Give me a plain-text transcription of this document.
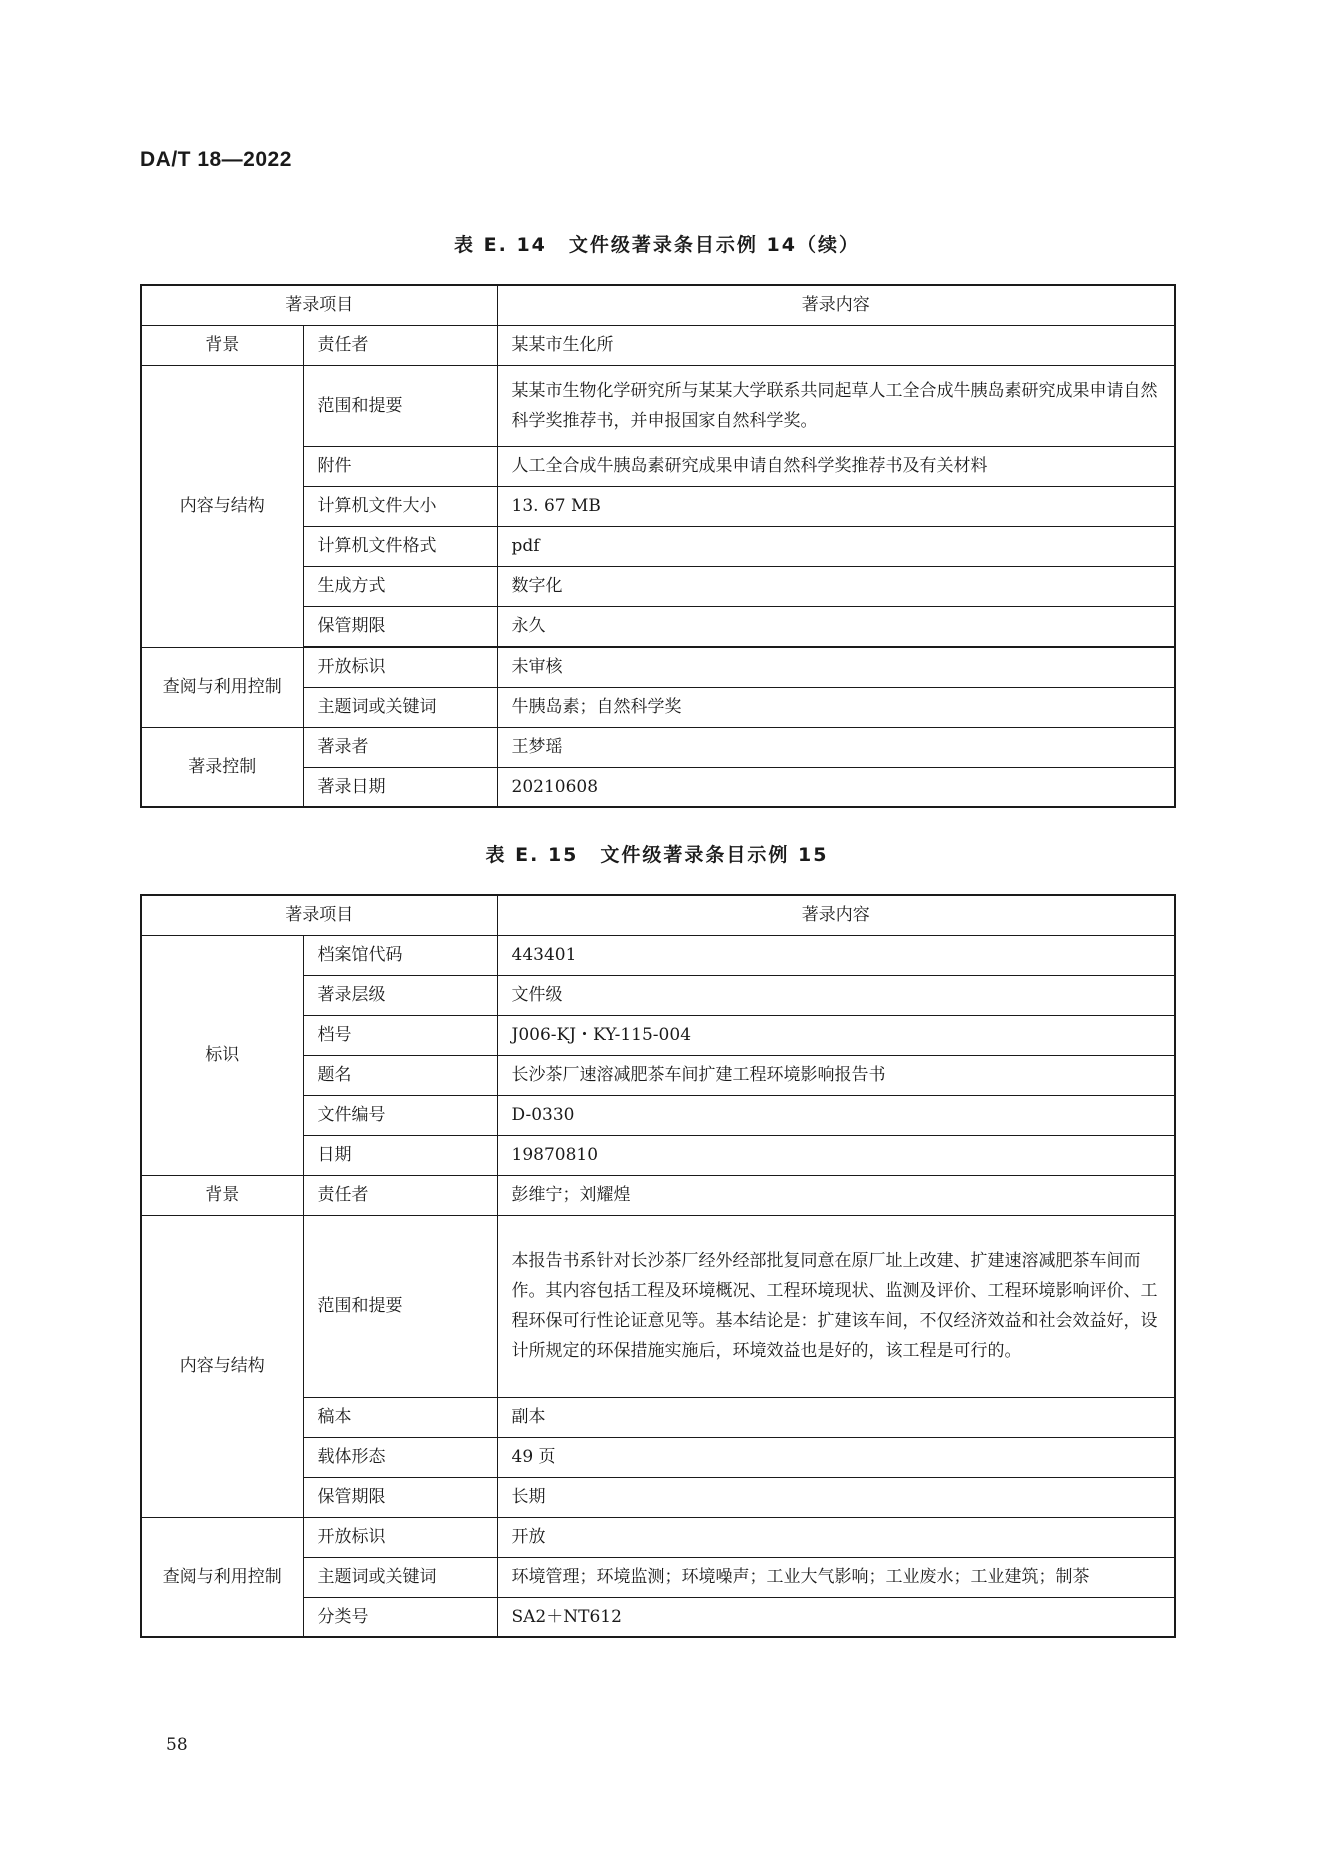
DA/T 18—2022
表 E. 14 文件级著录条目示例 14（续）
著录项目		著录内容
背景	责任者	某某市生化所
内容与结构	范围和提要	某某市生物化学研究所与某某大学联系共同起草人工全合成牛胰岛素研究成果申请自然科学奖推荐书，并申报国家自然科学奖。
	附件	人工全合成牛胰岛素研究成果申请自然科学奖推荐书及有关材料
	计算机文件大小	13. 67 MB
	计算机文件格式	pdf
	生成方式	数字化
	保管期限	永久

查阅与利用控制	开放标识	未审核
	主题词或关键词	牛胰岛素；自然科学奖
著录控制	著录者	王梦瑶
	著录日期	20210608
表 E. 15 文件级著录条目示例 15
著录项目		著录内容
标识	档案馆代码	443401
	著录层级	文件级
	档号	J006-KJ・KY-115-004
	题名	长沙茶厂速溶减肥茶车间扩建工程环境影响报告书
	文件编号	D-0330
	日期	19870810
背景	责任者	彭维宁；刘耀煌
内容与结构	范围和提要	本报告书系针对长沙茶厂经外经部批复同意在原厂址上改建、扩建速溶减肥茶车间而作。其内容包括工程及环境概况、工程环境现状、监测及评价、工程环境影响评价、工程环保可行性论证意见等。基本结论是：扩建该车间，不仅经济效益和社会效益好，设计所规定的环保措施实施后，环境效益也是好的，该工程是可行的。
	稿本	副本
	载体形态	49 页
	保管期限	长期
查阅与利用控制	开放标识	开放
	主题词或关键词	环境管理；环境监测；环境噪声；工业大气影响；工业废水；工业建筑；制茶
	分类号	SA2＋NT612
58
